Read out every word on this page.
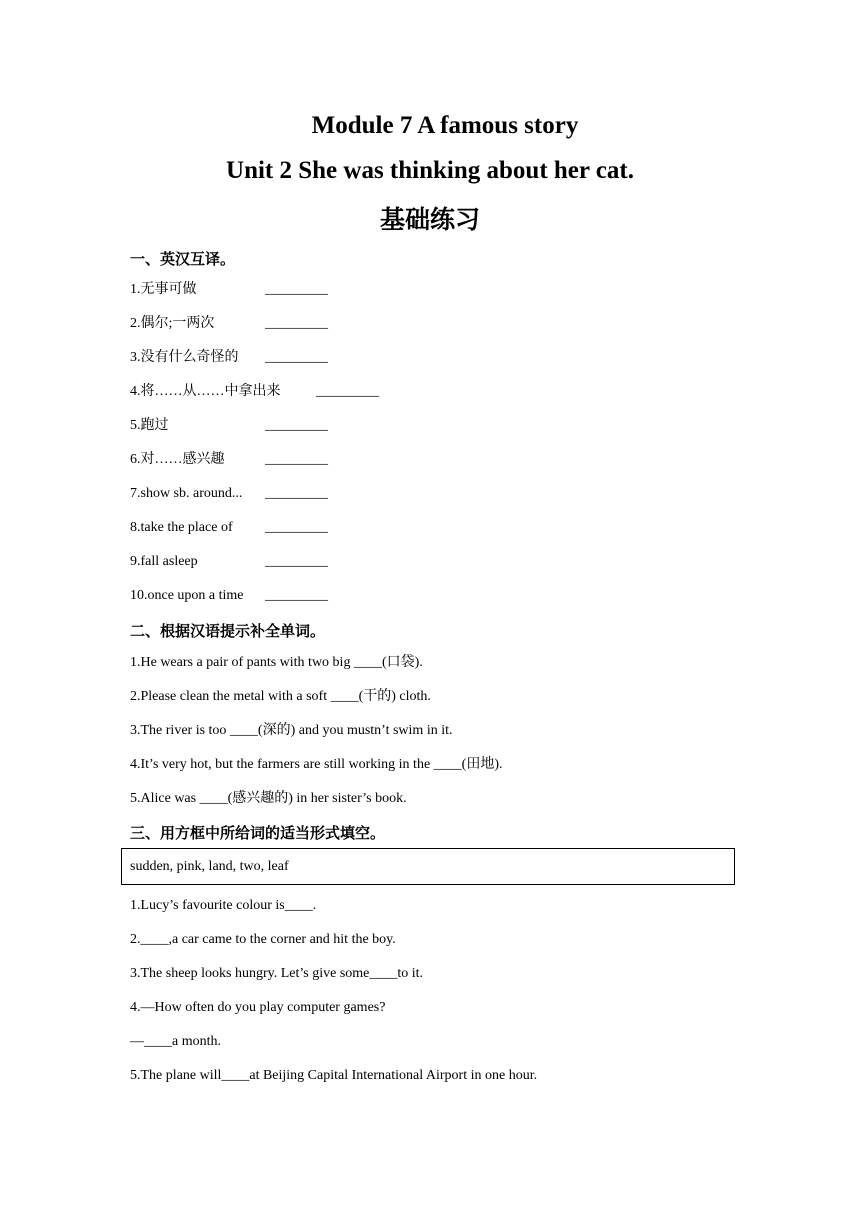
Module 7 A famous story
Unit 2 She was thinking about her cat.
基础练习
一、英汉互译。
1.无事可做	_________
2.偶尔;一两次	_________
3.没有什么奇怪的 _________
4.将……从……中拿出来	_________
5.跑过	_________
6.对……感兴趣	_________
7.show sb. around... _________
8.take the place of _________
9.fall asleep	_________
10.once upon a time _________
二、根据汉语提示补全单词。
1.He wears a pair of pants with two big ____(口袋).
2.Please clean the metal with a soft ____(干的) cloth.
3.The river is too ____(深的) and you mustn’t swim in it.
4.It’s very hot, but the farmers are still working in the ____(田地).
5.Alice was ____(感兴趣的) in her sister’s book.
三、用方框中所给词的适当形式填空。
sudden, pink, land, two, leaf
1.Lucy’s favourite colour is____.
2.____,a car came to the corner and hit the boy.
3.The sheep looks hungry. Let’s give some____to it.
4.—How often do you play computer games?
—____a month.
5.The plane will____at Beijing Capital International Airport in one hour.
